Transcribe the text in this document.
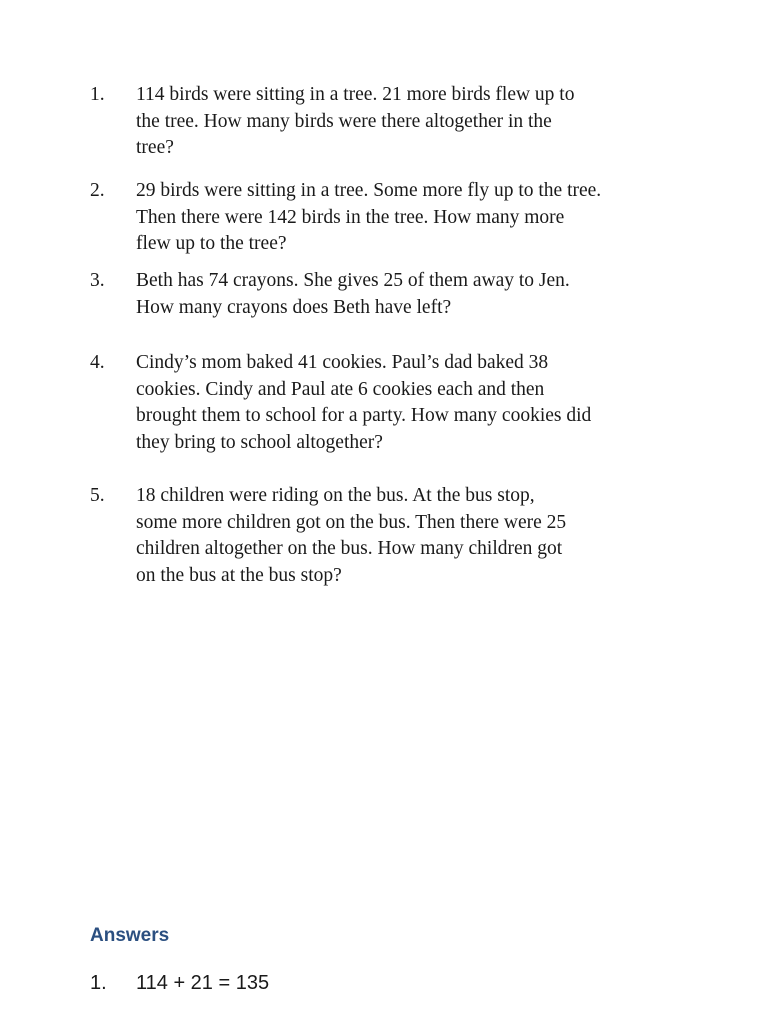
1.	114 birds were sitting in a tree. 21 more birds flew up to
the tree. How many birds were there altogether in the
tree?
2.	29 birds were sitting in a tree. Some more fly up to the tree.
Then there were 142 birds in the tree. How many more
flew up to the tree?
3.	Beth has 74 crayons. She gives 25 of them away to Jen.
How many crayons does Beth have left?
4.	Cindy’s mom baked 41 cookies. Paul’s dad baked 38
cookies. Cindy and Paul ate 6 cookies each and then
brought them to school for a party. How many cookies did
they bring to school altogether?
5.	18 children were riding on the bus. At the bus stop,
some more children got on the bus. Then there were 25
children altogether on the bus. How many children got
on the bus at the bus stop?
Answers
1.	114 + 21 = 135
